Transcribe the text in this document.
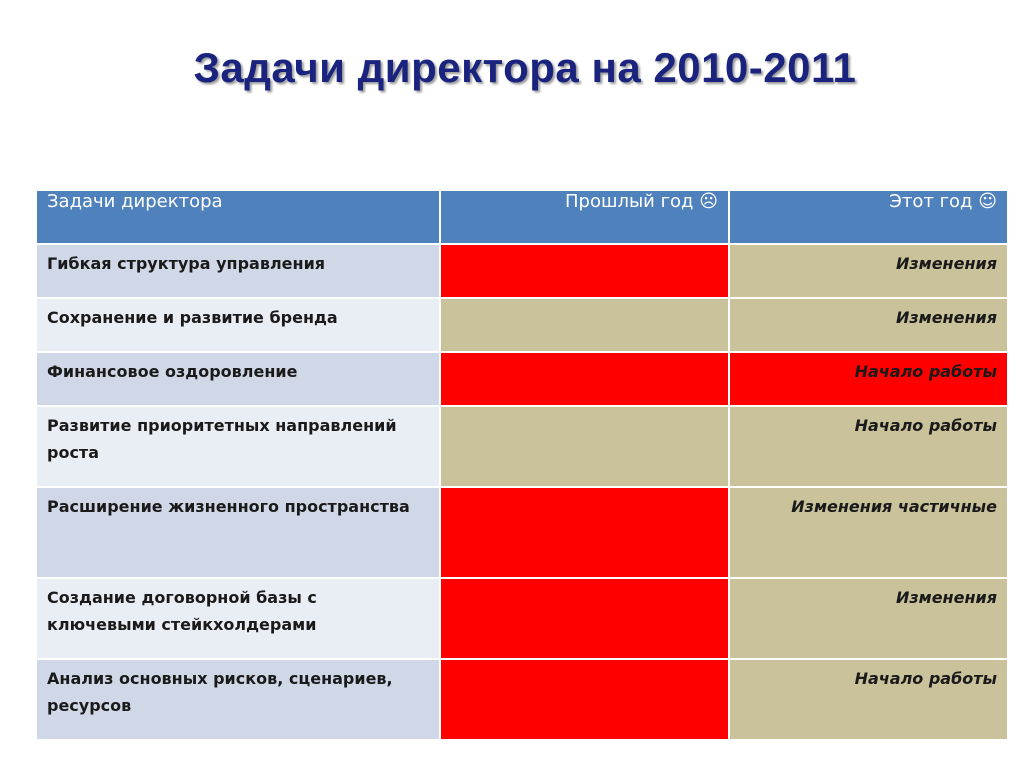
Задачи директора на 2010-2011
Задачи директора	Прошлый год ☹	Этот год ☺
Гибкая структура управления		Изменения
Сохранение и развитие бренда		Изменения
Финансовое оздоровление		Начало работы
Развитие приоритетных направлений роста		Начало работы
Расширение жизненного пространства		Изменения частичные
Создание договорной базы с ключевыми стейкхолдерами		Изменения
Анализ основных рисков, сценариев, ресурсов		Начало работы
